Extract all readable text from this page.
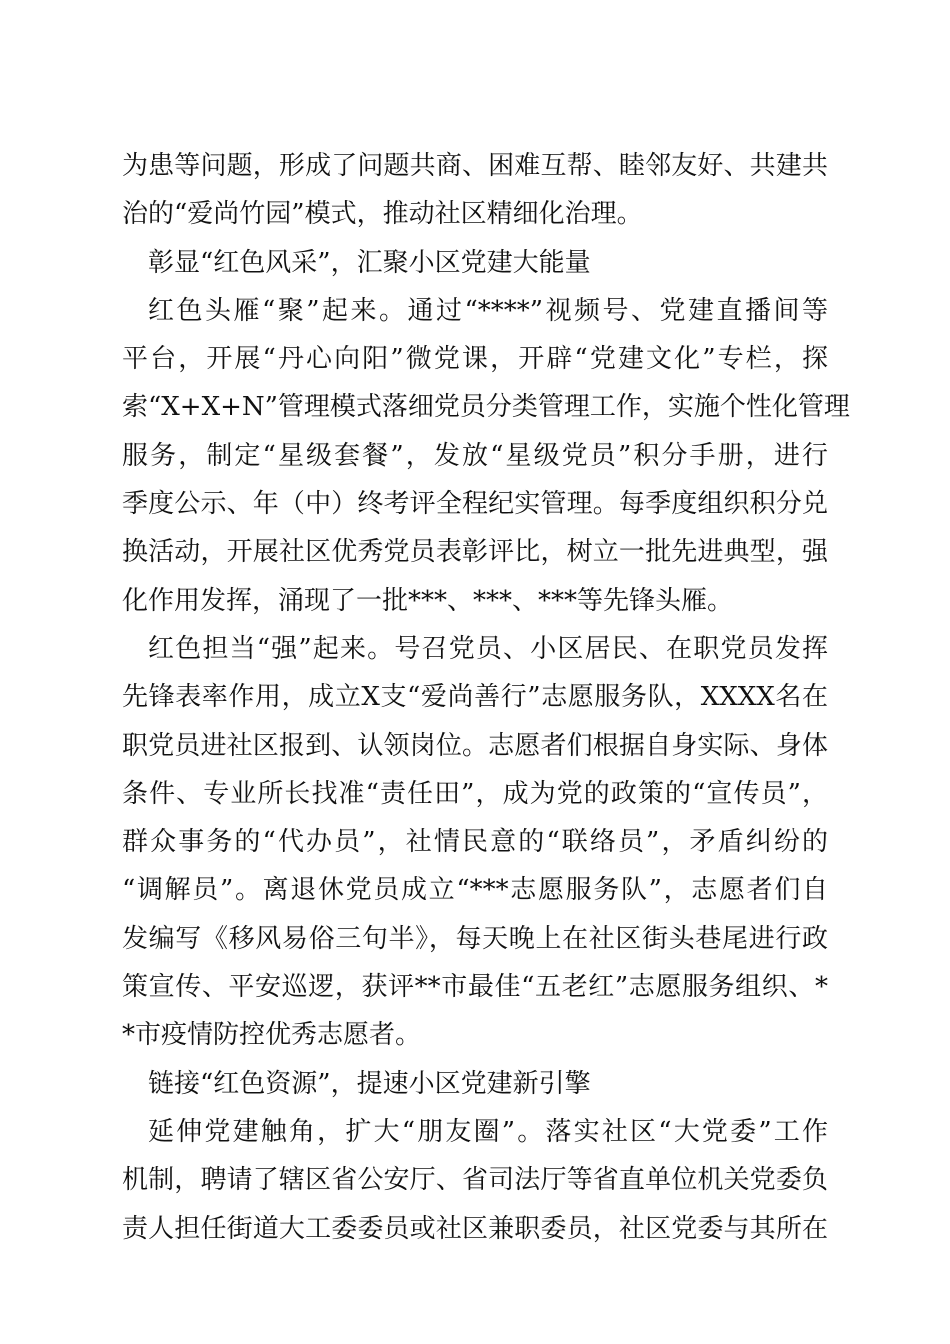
为患等问题，形成了问题共商、困难互帮、睦邻友好、共建共
治的“爱尚竹园”模式，推动社区精细化治理。
彰显“红色风采”，汇聚小区党建大能量
红色头雁“聚”起来。通过“****”视频号、党建直播间等
平台，开展“丹心向阳”微党课，开辟“党建文化”专栏，探
索“X+X+N”管理模式落细党员分类管理工作，实施个性化管理
服务，制定“星级套餐”，发放“星级党员”积分手册，进行
季度公示、年（中）终考评全程纪实管理。每季度组织积分兑
换活动，开展社区优秀党员表彰评比，树立一批先进典型，强
化作用发挥，涌现了一批***、***、***等先锋头雁。
红色担当“强”起来。号召党员、小区居民、在职党员发挥
先锋表率作用，成立X支“爱尚善行”志愿服务队，XXXX名在
职党员进社区报到、认领岗位。志愿者们根据自身实际、身体
条件、专业所长找准“责任田”，成为党的政策的“宣传员”，
群众事务的“代办员”，社情民意的“联络员”，矛盾纠纷的
“调解员”。离退休党员成立“***志愿服务队”，志愿者们自
发编写《移风易俗三句半》，每天晚上在社区街头巷尾进行政
策宣传、平安巡逻，获评**市最佳“五老红”志愿服务组织、*
*市疫情防控优秀志愿者。
链接“红色资源”，提速小区党建新引擎
延伸党建触角，扩大“朋友圈”。落实社区“大党委”工作
机制，聘请了辖区省公安厅、省司法厅等省直单位机关党委负
责人担任街道大工委委员或社区兼职委员，社区党委与其所在
